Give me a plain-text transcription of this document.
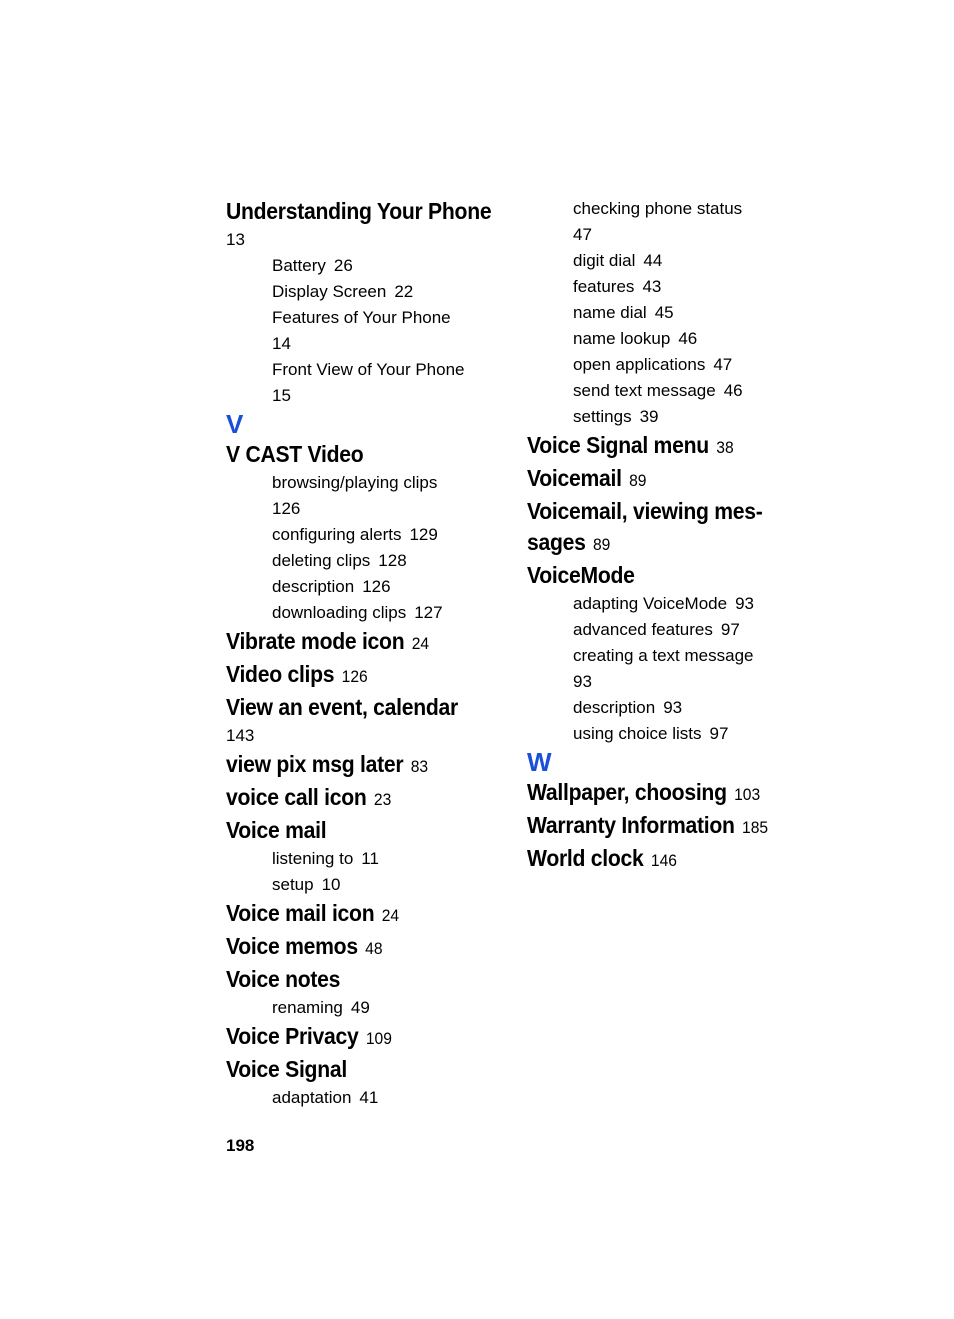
Understanding Your Phone
13
Battery 26
Display Screen 22
Features of Your Phone
14
Front View of Your Phone
15
V
V CAST Video
browsing/playing clips
126
configuring alerts 129
deleting clips 128
description 126
downloading clips 127
Vibrate mode icon 24
Video clips 126
View an event, calendar
143
view pix msg later 83
voice call icon 23
Voice mail
listening to 11
setup 10
Voice mail icon 24
Voice memos 48
Voice notes
renaming 49
Voice Privacy 109
Voice Signal
adaptation 41
checking phone status
47
digit dial 44
features 43
name dial 45
name lookup 46
open applications 47
send text message 46
settings 39
Voice Signal menu 38
Voicemail 89
Voicemail, viewing mes-
sages 89
VoiceMode
adapting VoiceMode 93
advanced features 97
creating a text message
93
description 93
using choice lists 97
W
Wallpaper, choosing 103
Warranty Information 185
World clock 146
198
